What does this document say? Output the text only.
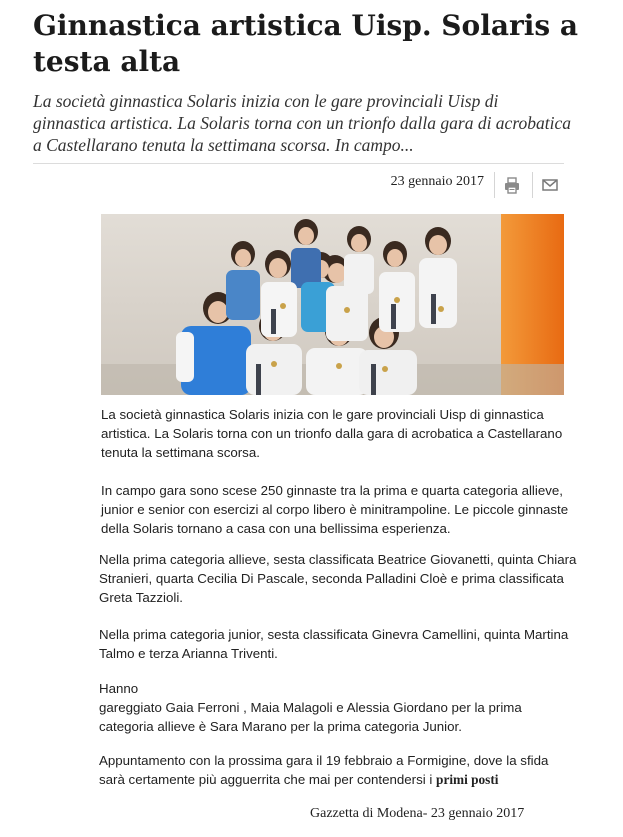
Ginnastica artistica Uisp. Solaris a testa alta

La società ginnastica Solaris inizia con le gare provinciali Uisp di ginnastica artistica. La Solaris torna con un trionfo dalla gara di acrobatica a Castellarano tenuta la settimana scorsa. In campo...

23 gennaio 2017

La società ginnastica Solaris inizia con le gare provinciali Uisp di ginnastica artistica. La Solaris torna con un trionfo dalla gara di acrobatica a Castellarano tenuta la settimana scorsa.

In campo gara sono scese 250 ginnaste tra la prima e quarta categoria allieve, junior e senior con esercizi al corpo libero è minitrampoline. Le piccole ginnaste della Solaris tornano a casa con una bellissima esperienza.

Nella prima categoria allieve, sesta classificata Beatrice Giovanetti, quinta Chiara Stranieri, quarta Cecilia Di Pascale, seconda Palladini Cloè e prima classificata Greta Tazzioli.

Nella prima categoria junior, sesta classificata Ginevra Camellini, quinta Martina Talmo e terza Arianna Triventi.

Hanno
gareggiato Gaia Ferroni , Maia Malagoli e Alessia Giordano per la prima categoria allieve è Sara Marano per la prima categoria Junior.

Appuntamento con la prossima gara il 19 febbraio a Formigine, dove la sfida sarà certamente più agguerrita che mai per contendersi i primi posti

Gazzetta di Modena- 23 gennaio 2017
